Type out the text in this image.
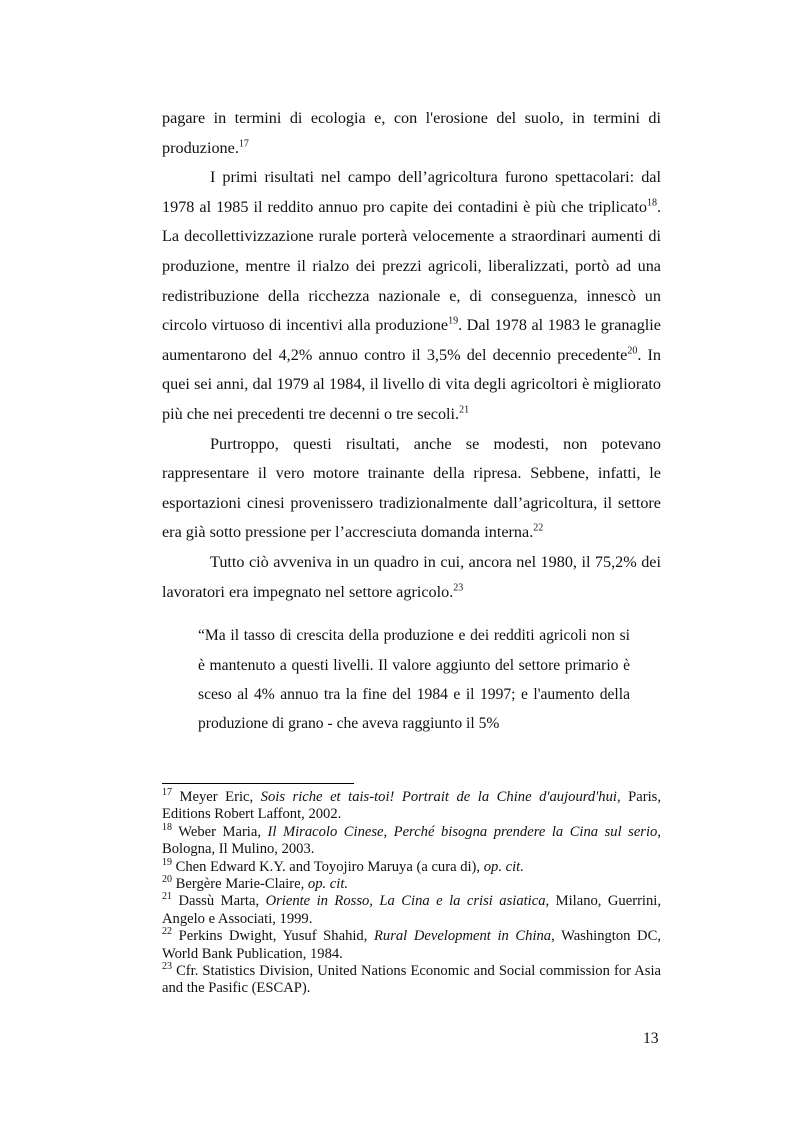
pagare in termini di ecologia e, con l'erosione del suolo, in termini di produzione.$^{17}$

I primi risultati nel campo dell’agricoltura furono spettacolari: dal 1978 al 1985 il reddito annuo pro capite dei contadini è più che triplicato$^{18}$. La decollettivizzazione rurale porterà velocemente a straordinari aumenti di produzione, mentre il rialzo dei prezzi agricoli, liberalizzati, portò ad una redistribuzione della ricchezza nazionale e, di conseguenza, innescò un circolo virtuoso di incentivi alla produzione$^{19}$. Dal 1978 al 1983 le granaglie aumentarono del 4,2% annuo contro il 3,5% del decennio precedente$^{20}$. In quei sei anni, dal 1979 al 1984, il livello di vita degli agricoltori è migliorato più che nei precedenti tre decenni o tre secoli.$^{21}$

Purtroppo, questi risultati, anche se modesti, non potevano rappresentare il vero motore trainante della ripresa. Sebbene, infatti, le esportazioni cinesi provenissero tradizionalmente dall’agricoltura, il settore era già sotto pressione per l’accresciuta domanda interna.$^{22}$

Tutto ciò avveniva in un quadro in cui, ancora nel 1980, il 75,2% dei lavoratori era impegnato nel settore agricolo.$^{23}$

“Ma il tasso di crescita della produzione e dei redditi agricoli non si è mantenuto a questi livelli. Il valore aggiunto del settore primario è sceso al 4% annuo tra la fine del 1984 e il 1997; e l'aumento della produzione di grano - che aveva raggiunto il 5%

$^{17}$ Meyer Eric, Sois riche et tais-toi! Portrait de la Chine d'aujourd'hui, Paris, Editions Robert Laffont, 2002.

$^{18}$ Weber Maria, Il Miracolo Cinese, Perché bisogna prendere la Cina sul serio, Bologna, Il Mulino, 2003.

$^{19}$ Chen Edward K.Y. and Toyojiro Maruya (a cura di), op. cit.

$^{20}$ Bergère Marie-Claire, op. cit.

$^{21}$ Dassù Marta, Oriente in Rosso, La Cina e la crisi asiatica, Milano, Guerrini, Angelo e Associati, 1999.

$^{22}$ Perkins Dwight, Yusuf Shahid, Rural Development in China, Washington DC, World Bank Publication, 1984.

$^{23}$ Cfr. Statistics Division, United Nations Economic and Social commission for Asia and the Pasific (ESCAP).

13
